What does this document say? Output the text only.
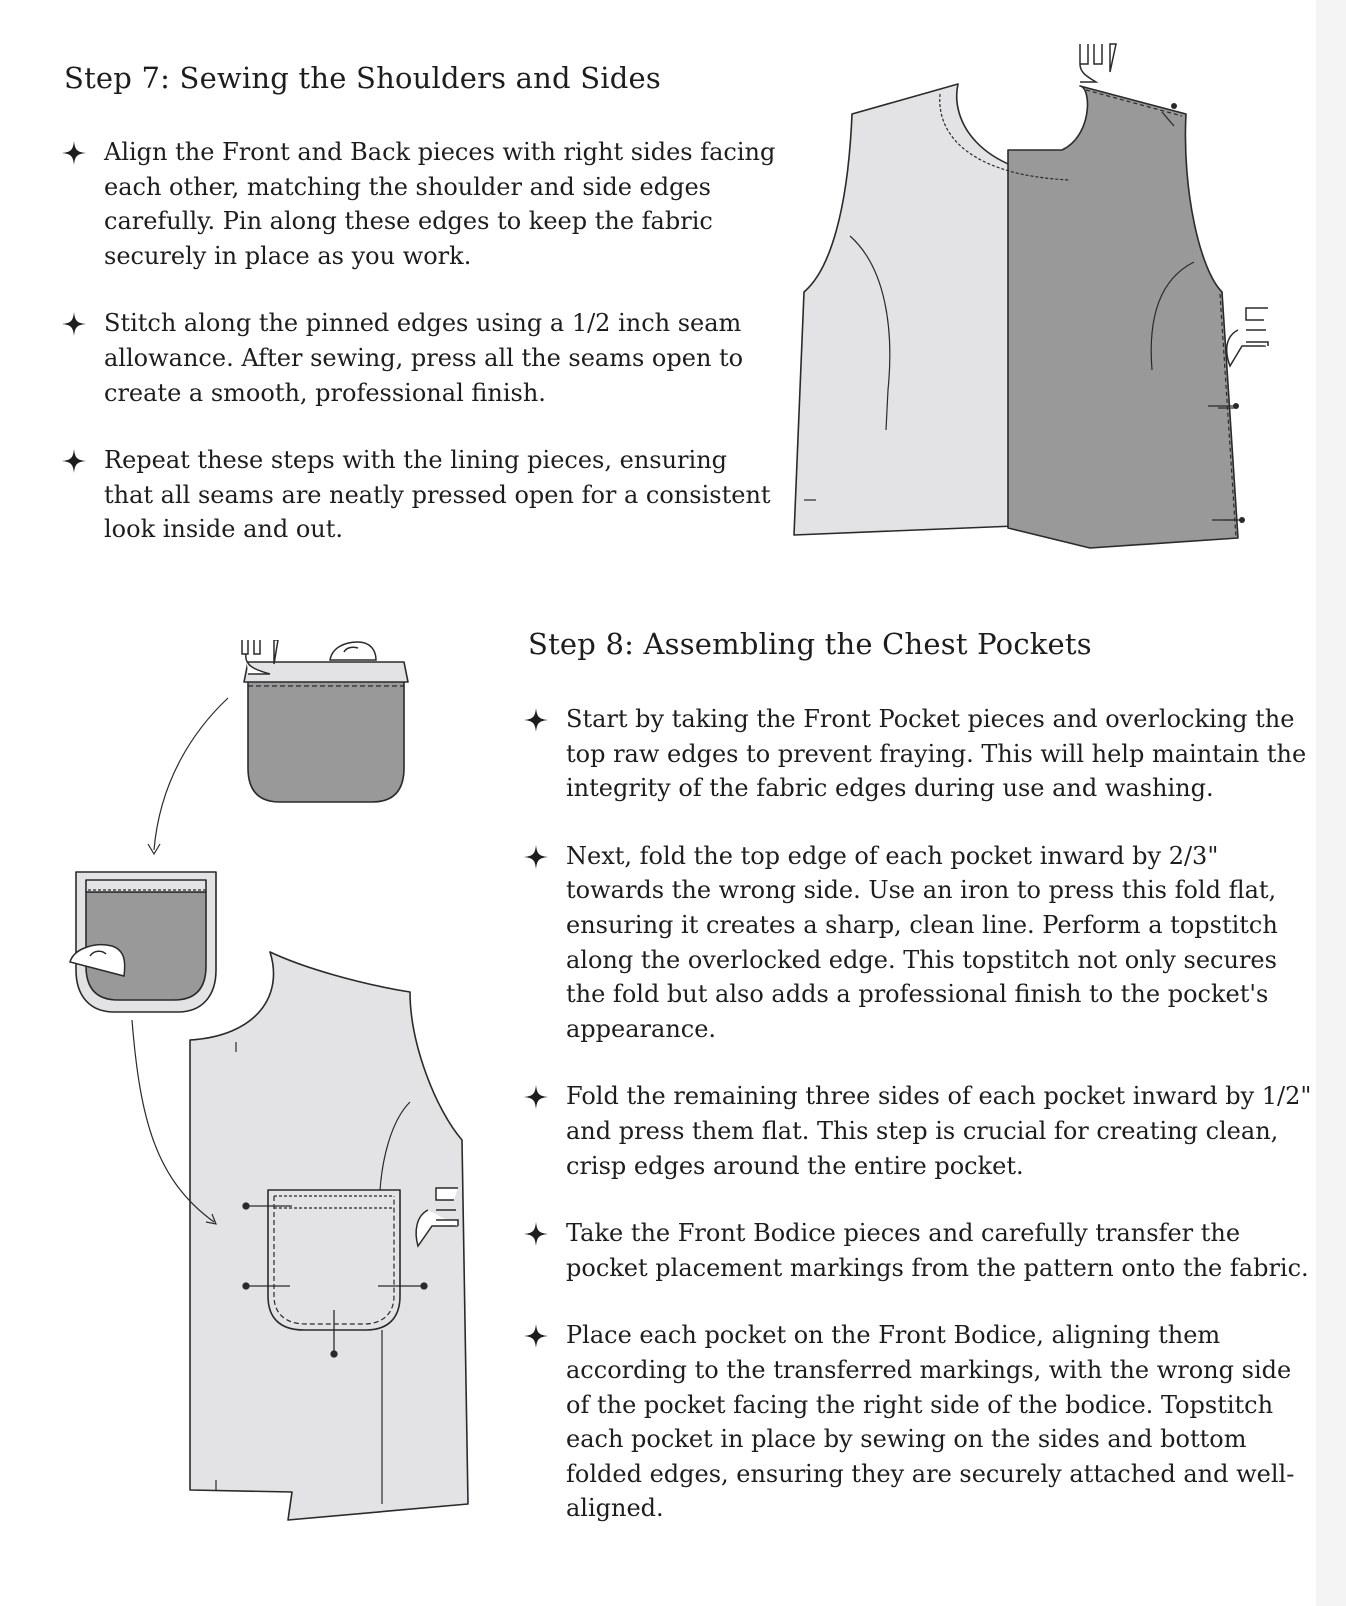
Step 7: Sewing the Shoulders and Sides
Align the Front and Back pieces with right sides facing each other, matching the shoulder and side edges carefully. Pin along these edges to keep the fabric securely in place as you work.
Stitch along the pinned edges using a 1/2 inch seam allowance. After sewing, press all the seams open to create a smooth, professional finish.
Repeat these steps with the lining pieces, ensuring that all seams are neatly pressed open for a consistent look inside and out.
Step 8: Assembling the Chest Pockets
Start by taking the Front Pocket pieces and overlocking the top raw edges to prevent fraying. This will help maintain the integrity of the fabric edges during use and washing.
Next, fold the top edge of each pocket inward by 2/3" towards the wrong side. Use an iron to press this fold flat, ensuring it creates a sharp, clean line. Perform a topstitch along the overlocked edge. This topstitch not only secures the fold but also adds a professional finish to the pocket's appearance.
Fold the remaining three sides of each pocket inward by 1/2" and press them flat. This step is crucial for creating clean, crisp edges around the entire pocket.
Take the Front Bodice pieces and carefully transfer the pocket placement markings from the pattern onto the fabric.
Place each pocket on the Front Bodice, aligning them according to the transferred markings, with the wrong side of the pocket facing the right side of the bodice. Topstitch each pocket in place by sewing on the sides and bottom folded edges, ensuring they are securely attached and well-aligned.
